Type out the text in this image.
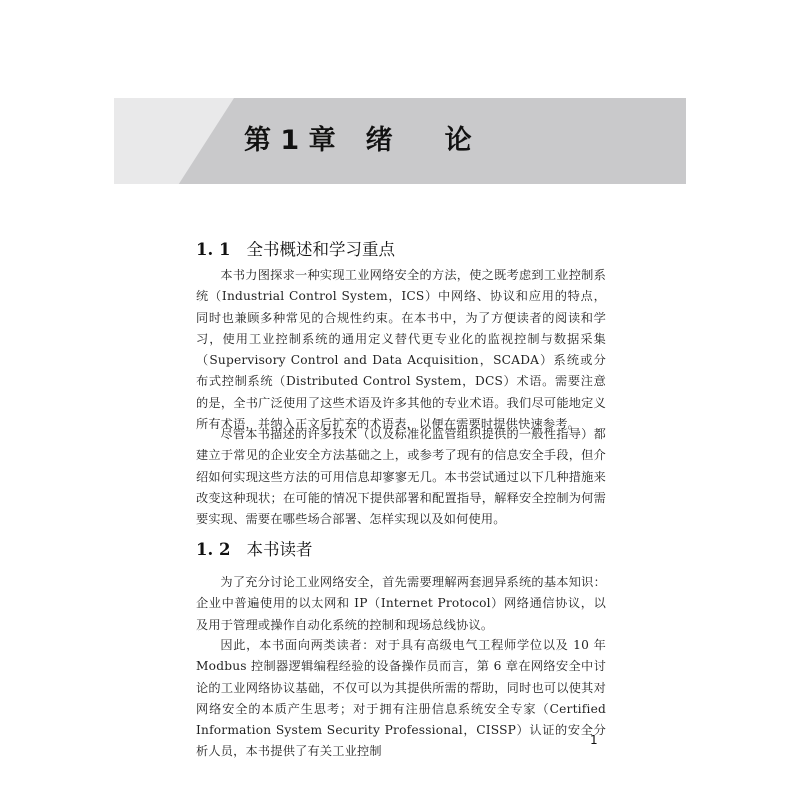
第 1 章 绪 论
1. 1 全书概述和学习重点

本书力图探求一种实现工业网络安全的方法，使之既考虑到工业控制系统（Industrial Control System，ICS）中网络、协议和应用的特点，同时也兼顾多种常见的合规性约束。在本书中，为了方便读者的阅读和学习，使用工业控制系统的通用定义替代更专业化的监视控制与数据采集（Supervisory Control and Data Acquisition，SCADA）系统或分布式控制系统（Distributed Control System，DCS）术语。需要注意的是，全书广泛使用了这些术语及许多其他的专业术语。我们尽可能地定义所有术语，并纳入正文后扩充的术语表，以便在需要时提供快速参考。

尽管本书描述的许多技术（以及标准化监管组织提供的一般性指导）都建立于常见的企业安全方法基础之上，或参考了现有的信息安全手段，但介绍如何实现这些方法的可用信息却寥寥无几。本书尝试通过以下几种措施来改变这种现状；在可能的情况下提供部署和配置指导，解释安全控制为何需要实现、需要在哪些场合部署、怎样实现以及如何使用。

1. 2 本书读者

为了充分讨论工业网络安全，首先需要理解两套迥异系统的基本知识：企业中普遍使用的以太网和 IP（Internet Protocol）网络通信协议，以及用于管理或操作自动化系统的控制和现场总线协议。

因此，本书面向两类读者：对于具有高级电气工程师学位以及 10 年 Modbus 控制器逻辑编程经验的设备操作员而言，第 6 章在网络安全中讨论的工业网络协议基础，不仅可以为其提供所需的帮助，同时也可以使其对网络安全的本质产生思考；对于拥有注册信息系统安全专家（Certified Information System Security Professional，CISSP）认证的安全分析人员，本书提供了有关工业控制

1
